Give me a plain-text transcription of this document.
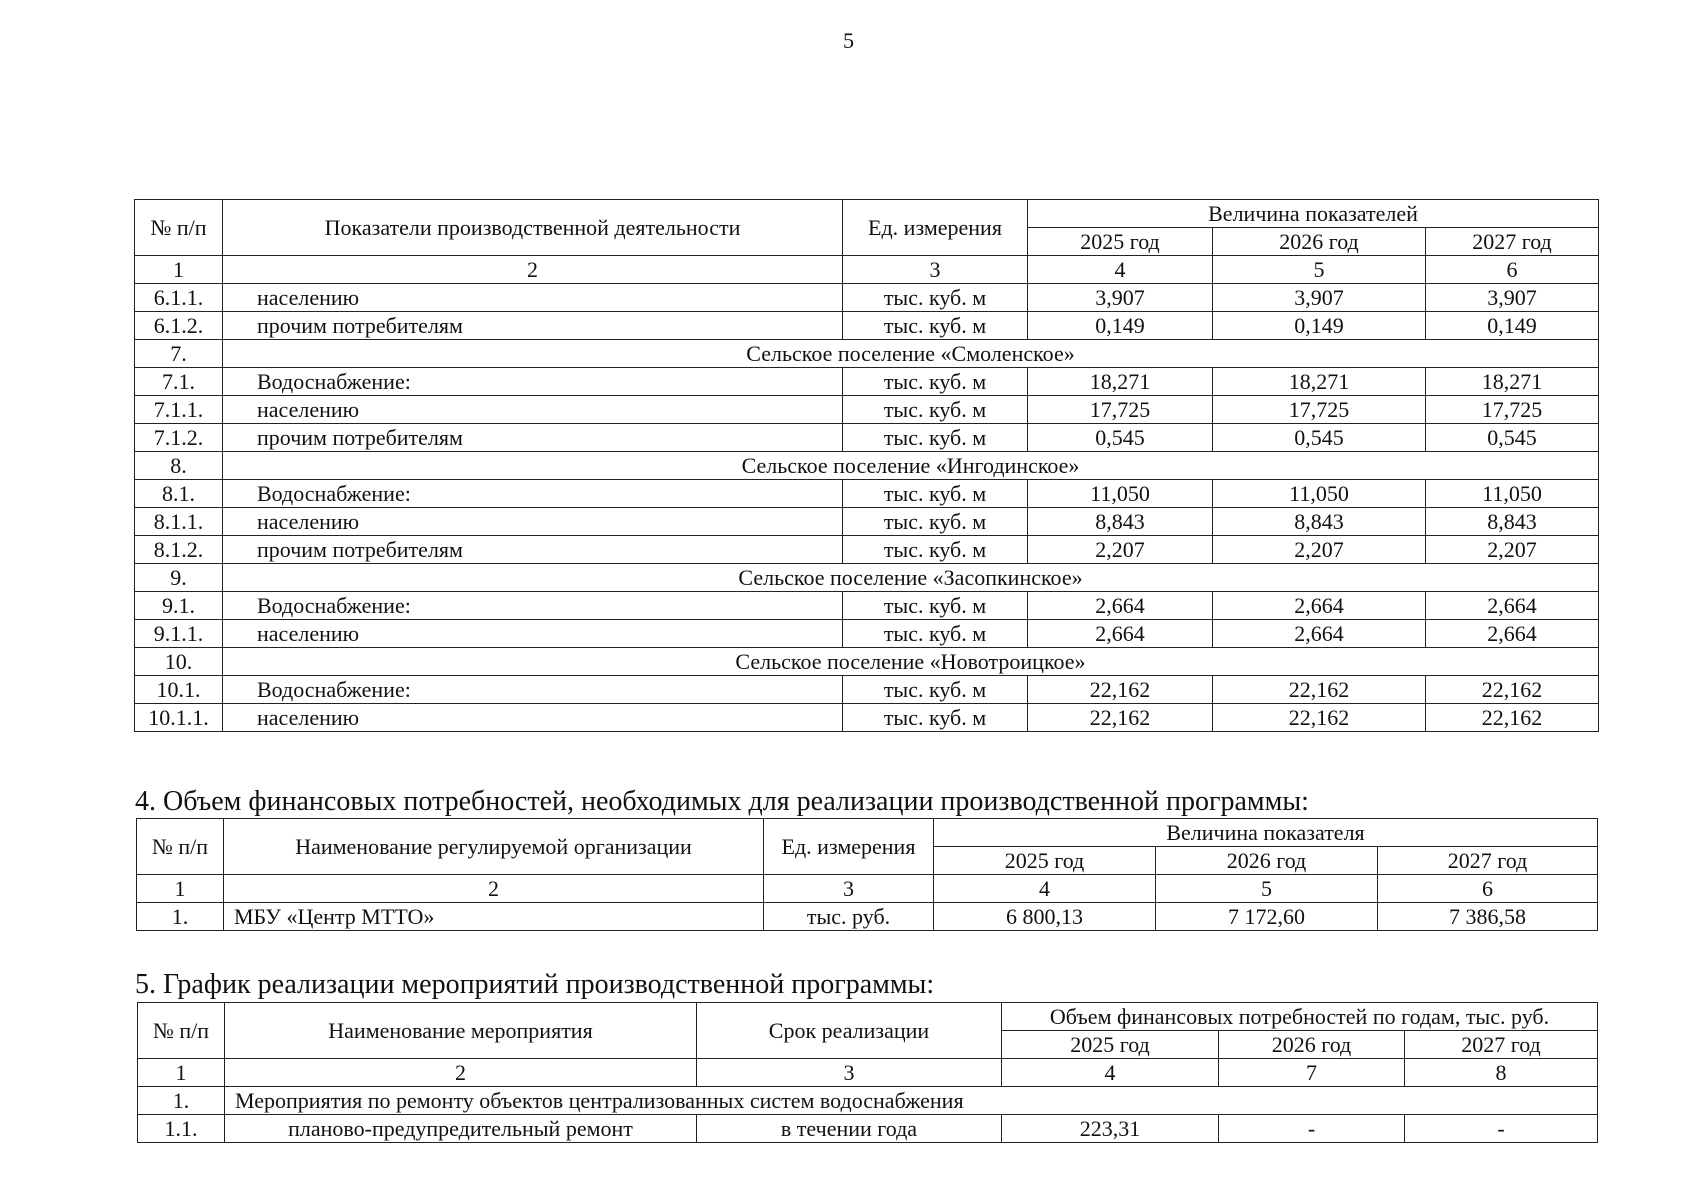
5
№ п/п	Показатели производственной деятельности	Ед. измерения	Величина показателей		
			2025 год	2026 год	2027 год
1	2	3	4	5	6
6.1.1.	населению	тыс. куб. м	3,907	3,907	3,907
6.1.2.	прочим потребителям	тыс. куб. м	0,149	0,149	0,149
7.	Сельское поселение «Смоленское»				
7.1.	Водоснабжение:	тыс. куб. м	18,271	18,271	18,271
7.1.1.	населению	тыс. куб. м	17,725	17,725	17,725
7.1.2.	прочим потребителям	тыс. куб. м	0,545	0,545	0,545
8.	Сельское поселение «Ингодинское»				
8.1.	Водоснабжение:	тыс. куб. м	11,050	11,050	11,050
8.1.1.	населению	тыс. куб. м	8,843	8,843	8,843
8.1.2.	прочим потребителям	тыс. куб. м	2,207	2,207	2,207
9.	Сельское поселение «Засопкинское»				
9.1.	Водоснабжение:	тыс. куб. м	2,664	2,664	2,664
9.1.1.	населению	тыс. куб. м	2,664	2,664	2,664
10.	Сельское поселение «Новотроицкое»				
10.1.	Водоснабжение:	тыс. куб. м	22,162	22,162	22,162
10.1.1.	населению	тыс. куб. м	22,162	22,162	22,162
4. Объем финансовых потребностей, необходимых для реализации производственной программы:
№ п/п	Наименование регулируемой организации	Ед. измерения	Величина показателя		
			2025 год	2026 год	2027 год
1	2	3	4	5	6
1.	МБУ «Центр МТТО»	тыс. руб.	6 800,13	7 172,60	7 386,58
5. График реализации мероприятий производственной программы:
№ п/п	Наименование мероприятия	Срок реализации	Объем финансовых потребностей по годам, тыс. руб.		
			2025 год	2026 год	2027 год
1	2	3	4	7	8
1.	Мероприятия по ремонту объектов централизованных систем водоснабжения				
1.1.	планово-предупредительный ремонт	в течении года	223,31	-	-
